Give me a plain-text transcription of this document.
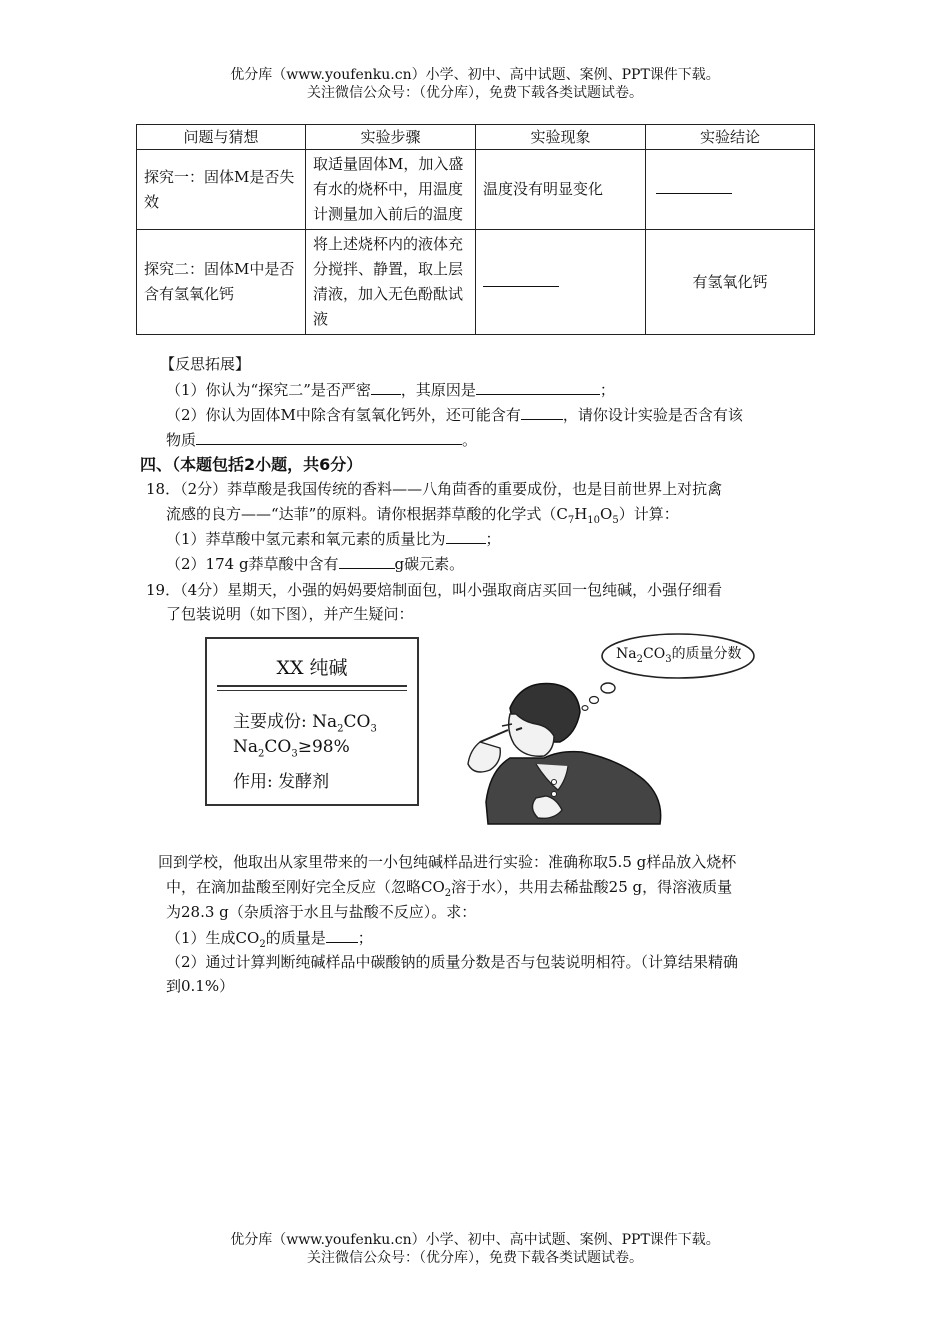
优分库（www.youfenku.cn）小学、初中、高中试题、案例、PPT课件下载。
关注微信公众号：（优分库），免费下载各类试题试卷。
问题与猜想	实验步骤	实验现象	实验结论
探究一：固体M是否失效	取适量固体M，加入盛有水的烧杯中，用温度计测量加入前后的温度	温度没有明显变化	
探究二：固体M中是否含有氢氧化钙	将上述烧杯内的液体充分搅拌、静置，取上层清液，加入无色酚酞试液		有氢氧化钙
【反思拓展】
（1）你认为“探究二”是否严密 ，其原因是	；
（2）你认为固体M中除含有氢氧化钙外，还可能含有	，请你设计实验是否含有该
物质	。
四、（本题包括2小题，共6分）
18．（2分）莽草酸是我国传统的香料——八角茴香的重要成份，也是目前世界上对抗禽
流感的良方——“达菲”的原料。请你根据莽草酸的化学式$(C_7H_{10}O_5)$计算：
（1）莽草酸中氢元素和氧元素的质量比为	；
（2）174 g莽草酸中含有	g碳元素。
19．（4分）星期天，小强的妈妈要焙制面包，叫小强取商店买回一包纯碱，小强仔细看
了包装说明（如下图），并产生疑问：
XX 纯碱
主要成份: $Na_2CO_3$
$Na_2CO_3\ge 98\%$
作用: 发酵剂
$Na_2CO_3$的质量分数
回到学校，他取出从家里带来的一小包纯碱样品进行实验：准确称取5.5 g样品放入烧杯
中，在滴加盐酸至刚好完全反应（忽略$CO_2$溶于水），共用去稀盐酸25 g，得溶液质量
为28.3 g（杂质溶于水且与盐酸不反应）。求：
（1）生成$CO_2$的质量是 ；
（2）通过计算判断纯碱样品中碳酸钠的质量分数是否与包装说明相符。（计算结果精确
到0.1%）
优分库（www.youfenku.cn）小学、初中、高中试题、案例、PPT课件下载。
关注微信公众号：（优分库），免费下载各类试题试卷。
